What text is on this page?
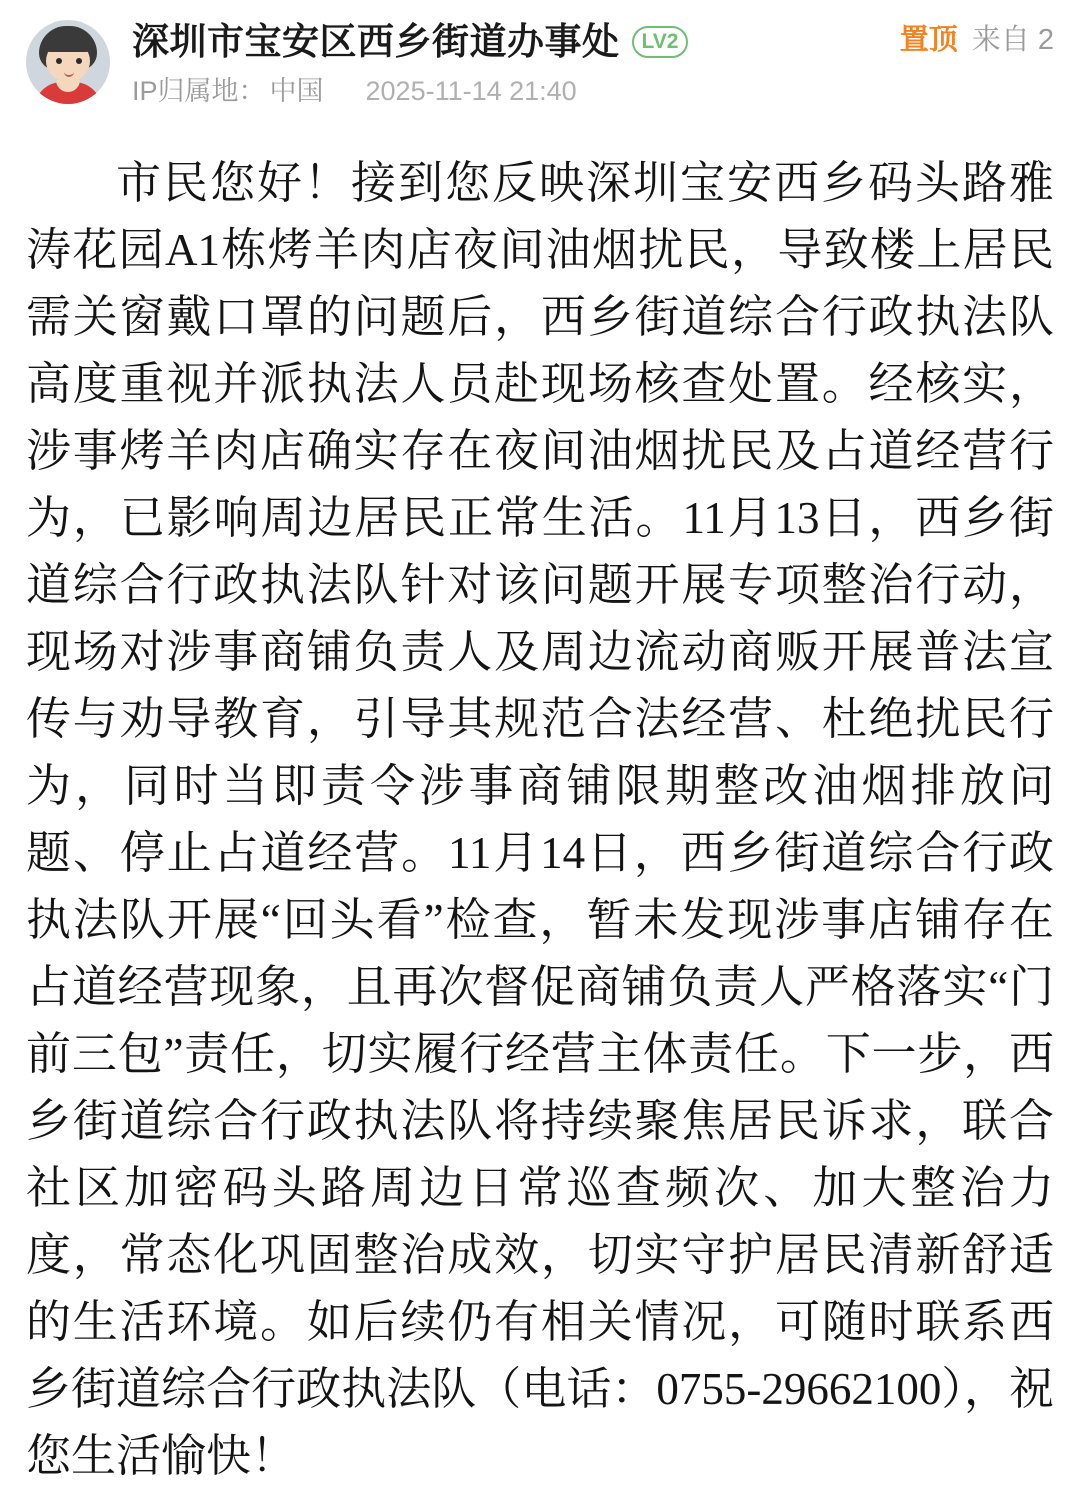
深圳市宝安区西乡街道办事处	LV2
IP归属地： 中国 2025-11-14 21:40
置顶 来自 2
市民您好！接到您反映深圳宝安西乡码头路雅涛花园A1栋烤羊肉店夜间油烟扰民，导致楼上居民需关窗戴口罩的问题后，西乡街道综合行政执法队高度重视并派执法人员赴现场核查处置。经核实，涉事烤羊肉店确实存在夜间油烟扰民及占道经营行为，已影响周边居民正常生活。11月13日，西乡街道综合行政执法队针对该问题开展专项整治行动，现场对涉事商铺负责人及周边流动商贩开展普法宣传与劝导教育，引导其规范合法经营、杜绝扰民行为，同时当即责令涉事商铺限期整改油烟排放问题、停止占道经营。11月14日，西乡街道综合行政执法队开展“回头看”检查，暂未发现涉事店铺存在占道经营现象，且再次督促商铺负责人严格落实“门前三包”责任，切实履行经营主体责任。下一步，西乡街道综合行政执法队将持续聚焦居民诉求，联合社区加密码头路周边日常巡查频次、加大整治力度，常态化巩固整治成效，切实守护居民清新舒适的生活环境。如后续仍有相关情况，可随时联系西乡街道综合行政执法队（电话：0755-29662100），祝您生活愉快！
